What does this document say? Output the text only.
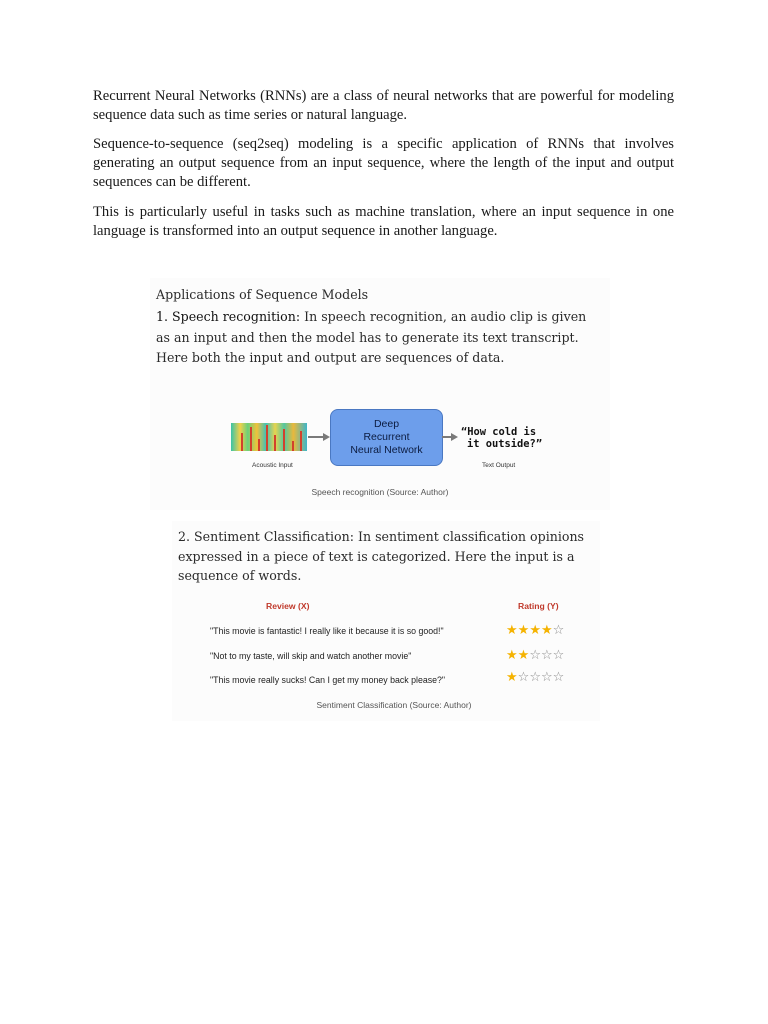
Recurrent Neural Networks (RNNs) are a class of neural networks that are powerful for modeling sequence data such as time series or natural language.

Sequence-to-sequence (seq2seq) modeling is a specific application of RNNs that involves generating an output sequence from an input sequence, where the length of the input and output sequences can be different.

This is particularly useful in tasks such as machine translation, where an input sequence in one language is transformed into an output sequence in another language.

Applications of Sequence Models
1. Speech recognition: In speech recognition, an audio clip is given as an input and then the model has to generate its text transcript. Here both the input and output are sequences of data.
Deep
Recurrent
Neural Network
“How cold is
it outside?”
Acoustic Input	Text Output
Speech recognition (Source: Author)
2. Sentiment Classification: In sentiment classification opinions expressed in a piece of text is categorized. Here the input is a sequence of words.
Review (X)	Rating (Y)
"This movie is fantastic! I really like it because it is so good!"	★★★★☆
"Not to my taste, will skip and watch another movie"	★★☆☆☆
"This movie really sucks! Can I get my money back please?"	★☆☆☆☆
Sentiment Classification (Source: Author)
